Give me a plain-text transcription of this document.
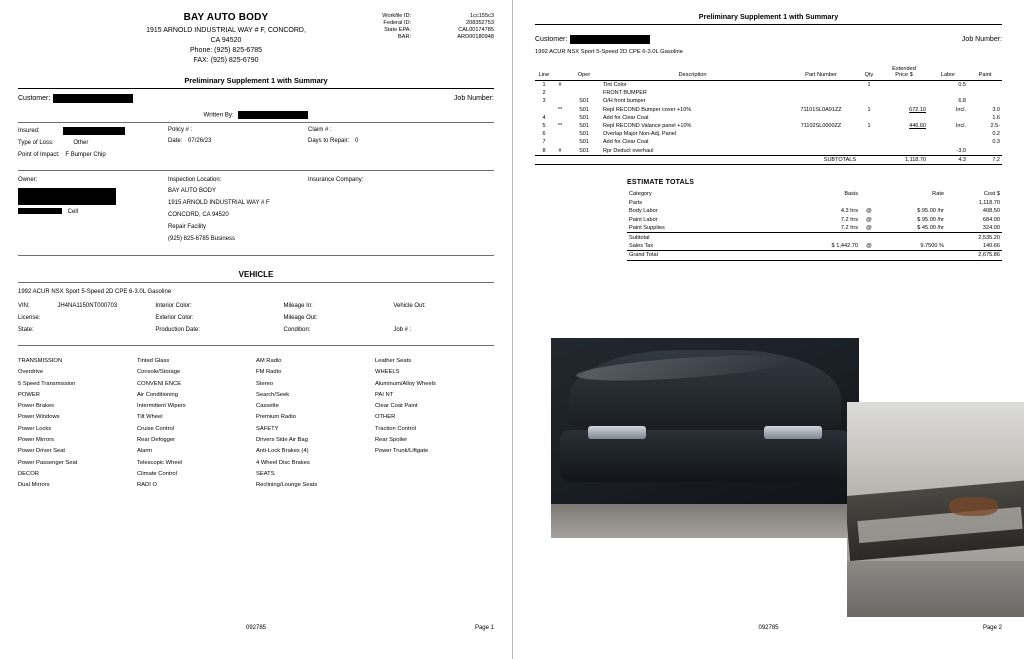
BAY AUTO BODY
1915 ARNOLD INDUSTRIAL WAY # F, CONCORD,
CA 94520
Phone: (925) 825-6785
FAX: (925) 825-6790
Workfile ID:	1cc155c3
Federal ID:	208352753
State EPA:	CAL00174785
BAR:	ARD00180948
Preliminary Supplement 1 with Summary
Customer:	Job Number:
Written By:
Insured:
Type of Loss:	Other
Point of Impact: F Bumper Chip
Policy # :
Date: 07/26/23
Claim # :
Days to Repair: 0
Owner:
Cell
Inspection Location:
BAY AUTO BODY
1915 ARNOLD INDUSTRIAL WAY # F
CONCORD, CA 94520
Repair Facility
(925) 825-6785 Business
Insurance Company:
VEHICLE
1992 ACUR NSX Sport 5-Speed 2D CPE 6-3.0L Gasoline
VIN:	JH4NA1150NT000703
License:
State:
Interior Color:
Exterior Color:
Production Date:
Mileage In:
Mileage Out:
Condition:
Vehicle Out:
Job # :
TRANSMISSION
Overdrive
5 Speed Transmission
POWER
Power Brakes
Power Windows
Power Locks
Power Mirrors
Power Driver Seat
Power Passenger Seat
DECOR
Dual Mirrors
Tinted Glass
Console/Storage
CONVENI ENCE
Air Conditioning
Intermittent Wipers
Tilt Wheel
Cruise Control
Rear Defogger
Alarm
Telescopic Wheel
Climate Control
RADI O
AM Radio
FM Radio
Stereo
Search/Seek
Cassette
Premium Radio
SAFETY
Drivers Side Air Bag
Anti-Lock Brakes (4)
4 Wheel Disc Brakes
SEATS
Reclining/Lounge Seats
Leather Seats
WHEELS
Aluminum/Alloy Wheels
PAI NT
Clear Coat Paint
OTHER
Traction Control
Rear Spoiler
Power Trunk/Liftgate
092785	Page 1
Preliminary Supplement 1 with Summary
Customer:	Job Number:
1992 ACUR NSX Sport 5-Speed 2D CPE 6-3.0L Gasoline
Line		Oper	Description	Part Number	Qty	Extended
Price $	Labor	Paint
1	#		Tint Color		1		0.5	
2			FRONT BUMPER					
3		S01	O/H front bumper				6.8	
	**	S01	Repl RECOND Bumper cover +10%	71101SL0A91ZZ	1	672.10	Incl.	3.0
4		S01	Add for Clear Coat					1.6
5	**	S01	Repl RECOND Valance panel +10%	71102SL0000ZZ	1	446.60	Incl.	2.5-
6		S01	Overlap Major Non-Adj. Panel					0.2
7		S01	Add for Clear Coat					0.3
8	#	S01	Rpr Deduct overhaul				-3.0	
SUBTOTALS						1,118.70	4.3	7.2
ESTIMATE TOTALS
Category	Basis		Rate	Cost $
Parts				1,118.70
Body Labor	4.3 hrs	@	$ 95.00 /hr	408.50
Paint Labor	7.2 hrs	@	$ 95.00 /hr	684.00
Paint Supplies	7.2 hrs	@	$ 45.00 /hr	324.00
Subtotal				2,535.20
Sales Tax	$ 1,442.70	@	9.7500 %	140.66
Grand Total				2,675.86
092785	Page 2
